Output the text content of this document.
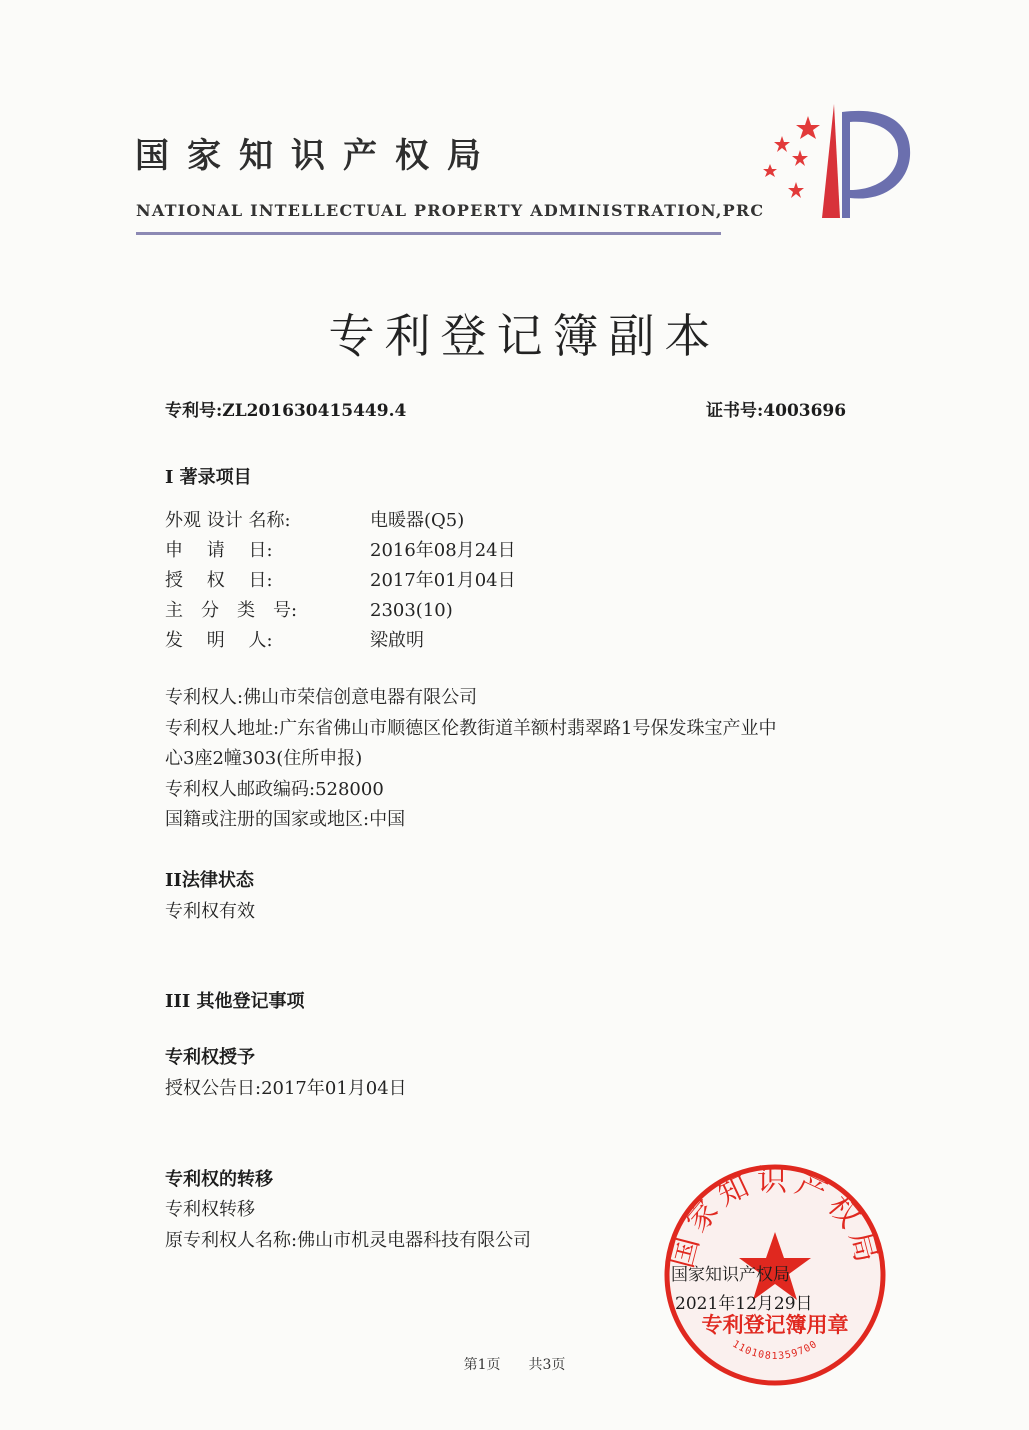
国家知识产权局
NATIONAL INTELLECTUAL PROPERTY ADMINISTRATION,PRC
专利登记簿副本
专利号:ZL201630415449.4	证书号:4003696
I 著录项目
外观 设计 名称:	电暖器(Q5)
申　 请　 日:	2016年08月24日
授　 权　 日:	2017年01月04日
主　分　类　号:	2303(10)
发　 明　 人:	梁啟明
专利权人:佛山市荣信创意电器有限公司
专利权人地址:广东省佛山市顺德区伦教街道羊额村翡翠路1号保发珠宝产业中
心3座2幢303(住所申报)
专利权人邮政编码:528000
国籍或注册的国家或地区:中国
II法律状态
专利权有效
III 其他登记事项
专利权授予
授权公告日:2017年01月04日
专利权的转移
专利权转移
原专利权人名称:佛山市机灵电器科技有限公司	国家知识产权局
专利登记簿用章
1101081359700
国家知识产权局
2021年12月29日
第1页 共3页
